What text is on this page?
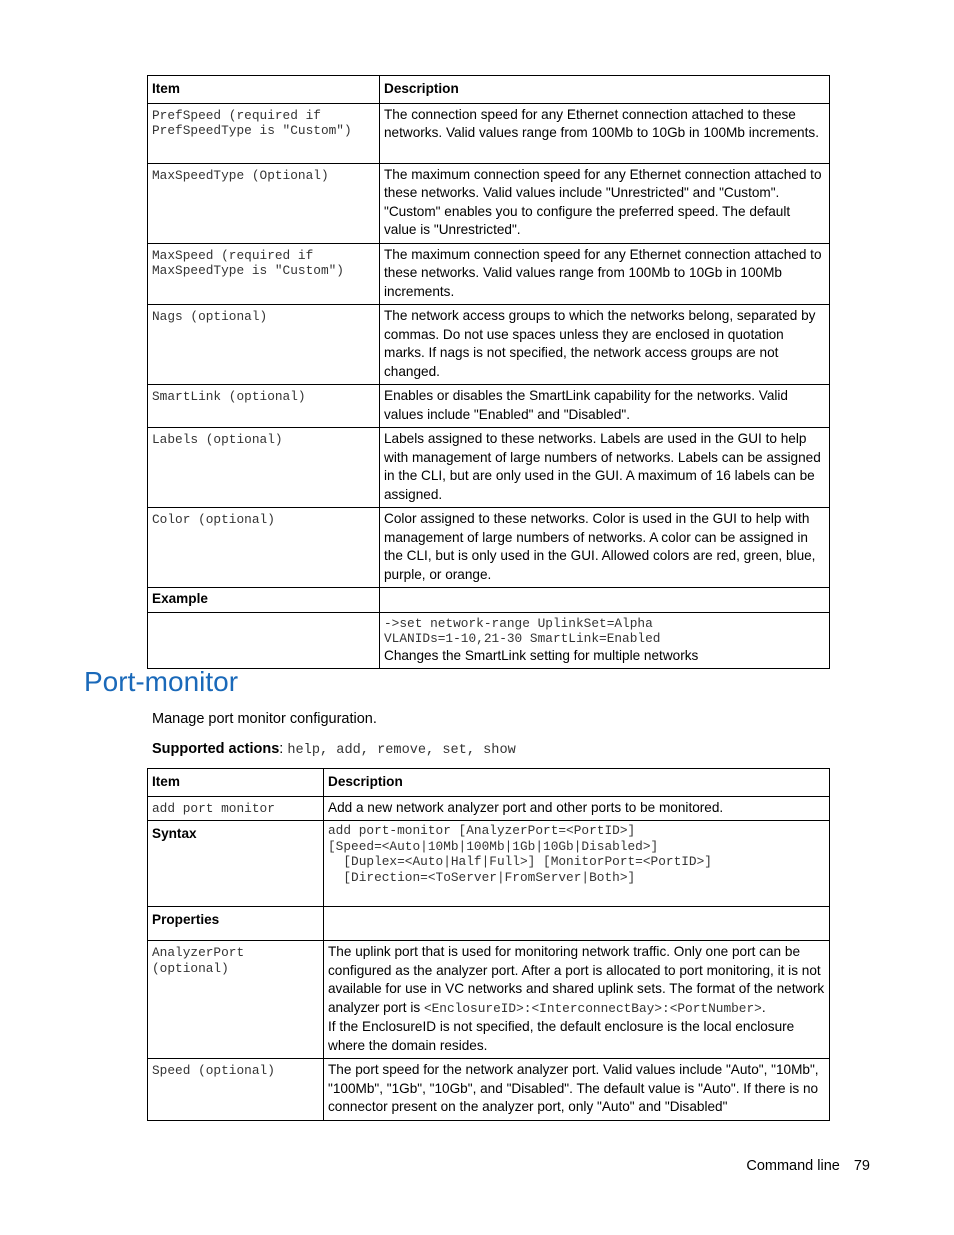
Item	Description
PrefSpeed (required if PrefSpeedType is "Custom")	The connection speed for any Ethernet connection attached to these networks. Valid values range from 100Mb to 10Gb in 100Mb increments.
MaxSpeedType (Optional)	The maximum connection speed for any Ethernet connection attached to these networks. Valid values include "Unrestricted" and "Custom". "Custom" enables you to configure the preferred speed. The default value is "Unrestricted".
MaxSpeed (required if MaxSpeedType is "Custom")	The maximum connection speed for any Ethernet connection attached to these networks. Valid values range from 100Mb to 10Gb in 100Mb increments.
Nags (optional)	The network access groups to which the networks belong, separated by commas. Do not use spaces unless they are enclosed in quotation marks. If nags is not specified, the network access groups are not changed.
SmartLink (optional)	Enables or disables the SmartLink capability for the networks. Valid values include "Enabled" and "Disabled".
Labels (optional)	Labels assigned to these networks. Labels are used in the GUI to help with management of large numbers of networks. Labels can be assigned in the CLI, but are only used in the GUI. A maximum of 16 labels can be assigned.
Color (optional)	Color assigned to these networks. Color is used in the GUI to help with management of large numbers of networks. A color can be assigned in the CLI, but is only used in the GUI. Allowed colors are red, green, blue, purple, or orange.
Example	

	->set network-range UplinkSet=Alpha
VLANIDs=1-10,21-30 SmartLink=Enabled
Changes the SmartLink setting for multiple networks
Port-monitor
Manage port monitor configuration.
Supported actions: help, add, remove, set, show
Item	Description
add port monitor	Add a new network analyzer port and other ports to be monitored.
Syntax	add port-monitor [AnalyzerPort=<PortID>]
[Speed=<Auto|10Mb|100Mb|1Gb|10Gb|Disabled>]
[Duplex=<Auto|Half|Full>] [MonitorPort=<PortID>]
[Direction=<ToServer|FromServer|Both>]

Properties	
AnalyzerPort (optional)	The uplink port that is used for monitoring network traffic. Only one port can be configured as the analyzer port. After a port is allocated to port monitoring, it is not available for use in VC networks and shared uplink sets. The format of the network analyzer port is <EnclosureID>:<InterconnectBay>:<PortNumber>.
If the EnclosureID is not specified, the default enclosure is the local enclosure where the domain resides.
Speed (optional)	The port speed for the network analyzer port. Valid values include "Auto", "10Mb", "100Mb", "1Gb", "10Gb", and "Disabled". The default value is "Auto". If there is no connector present on the analyzer port, only "Auto" and "Disabled"
Command line 79
